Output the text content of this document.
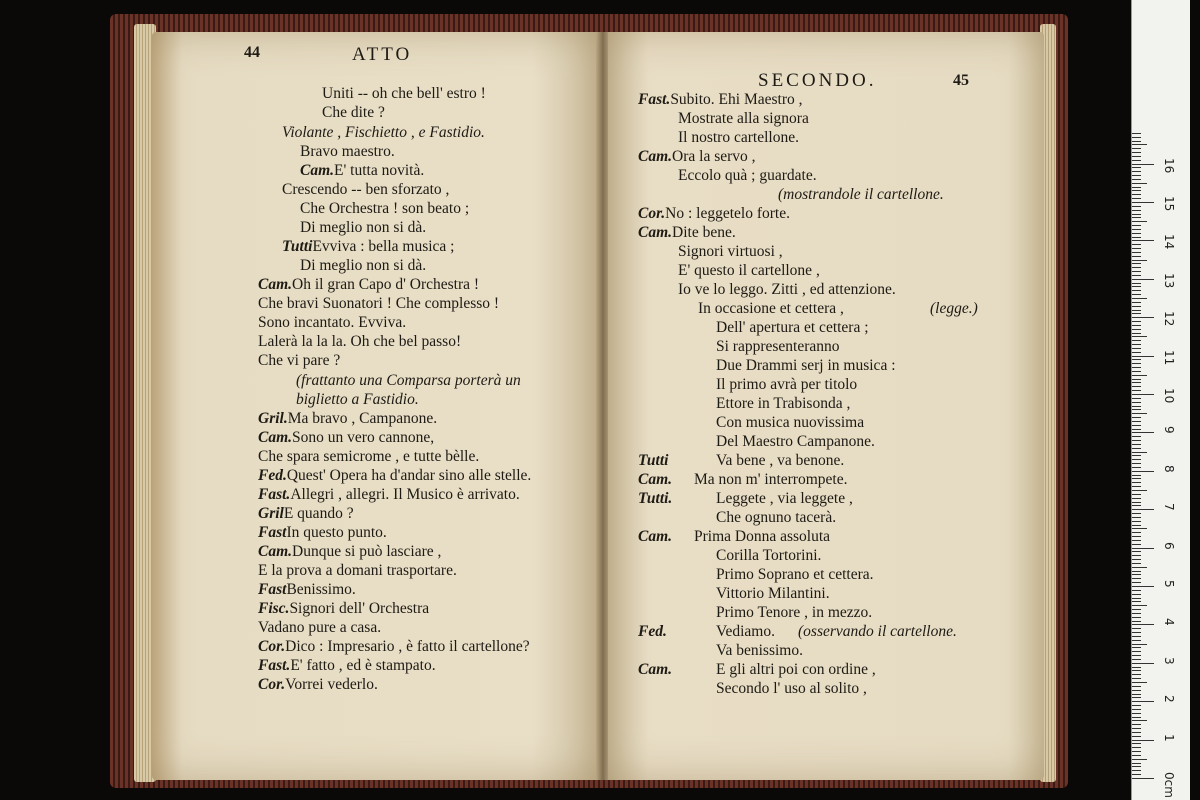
44	ATTO
Uniti -- oh che bell' estro !
Che dite ?
Violante , Fischietto , e Fastidio.
Bravo maestro.
Cam.E' tutta novità.
Crescendo -- ben sforzato ,
Che Orchestra ! son beato ;
Di meglio non si dà.
TuttiEvviva : bella musica ;
Di meglio non si dà.
Cam.Oh il gran Capo d' Orchestra !
Che bravi Suonatori ! Che complesso !
Sono incantato. Evviva.
Lalerà la la la. Oh che bel passo!
Che vi pare ?
(frattanto una Comparsa porterà un
biglietto a Fastidio.
Gril.Ma bravo , Campanone.
Cam.Sono un vero cannone,
Che spara semicrome , e tutte bèlle.
Fed.Quest' Opera ha d'andar sino alle stelle.
Fast.Allegri , allegri. Il Musico è arrivato.
GrilE quando ?
FastIn questo punto.
Cam.Dunque si può lasciare ,
E la prova a domani trasportare.
FastBenissimo.
Fisc.Signori dell' Orchestra
Vadano pure a casa.
Cor.Dico : Impresario , è fatto il cartellone?
Fast.E' fatto , ed è stampato.
Cor.Vorrei vederlo.
SECONDO.	45
Fast.Subito. Ehi Maestro ,
Mostrate alla signora
Il nostro cartellone.
Cam.Ora la servo ,
Eccolo quà ; guardate.
(mostrandole il cartellone.
Cor.No : leggetelo forte.
Cam.Dite bene.
Signori virtuosi ,
E' questo il cartellone ,
Io ve lo leggo. Zitti , ed attenzione.
In occasione et cettera ,	(legge.)
Dell' apertura et cettera ;
Si rappresenteranno
Due Drammi serj in musica :
Il primo avrà per titolo
Ettore in Trabisonda ,
Con musica nuovissima
Del Maestro Campanone.
Tutti	Va bene , va benone.
Cam. Ma non m' interrompete.
Tutti.	Leggete , via leggete ,
Che ognuno tacerà.
Cam. Prima Donna assoluta
Corilla Tortorini.
Primo Soprano et cettera.
Vittorio Milantini.
Primo Tenore , in mezzo.
Fed.	Vediamo. (osservando il cartellone.
Va benissimo.
Cam.	E gli altri poi con ordine ,
Secondo l' uso al solito ,
0cm
1
2
3
4
5
6
7
8
9
10
11
12
13
14
15
16
